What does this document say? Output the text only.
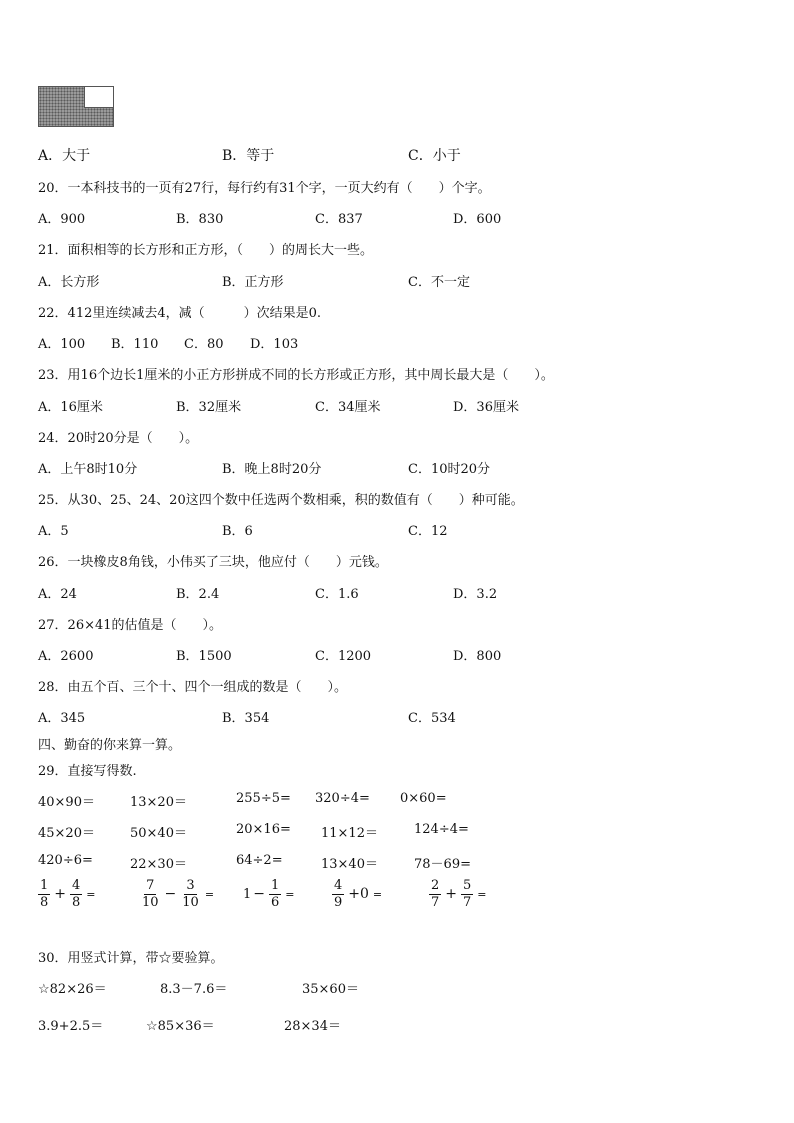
A．大于	B．等于	C．小于
20．一本科技书的一页有27行，每行约有31个字，一页大约有（　　）个字。
A．900	B．830	C．837	D．600
21．面积相等的长方形和正方形，（　　）的周长大一些。
A．长方形	B．正方形	C．不一定
22．412里连续减去4，减（　　　）次结果是0.
A．100 B．110 C．80 D．103
23．用16个边长1厘米的小正方形拼成不同的长方形或正方形，其中周长最大是（　　）。
A．16厘米	B．32厘米	C．34厘米	D．36厘米
24．20时20分是（　　）。
A．上午8时10分	B．晚上8时20分	C．10时20分
25．从30、25、24、20这四个数中任选两个数相乘，积的数值有（　　）种可能。
A．5	B．6	C．12
26．一块橡皮8角钱，小伟买了三块，他应付（　　）元钱。
A．24	B．2.4	C．1.6	D．3.2
27．26×41的估值是（　　）。
A．2600	B．1500	C．1200	D．800
28．由五个百、三个十、四个一组成的数是（　　）。
A．345	B．354	C．534
四、勤奋的你来算一算。
29．直接写得数.
40×90＝	13×20＝	255÷5= 320÷4= 0×60=
45×20＝	50×40＝	20×16= 11×12＝	124÷4=
420÷6=	22×30＝	64÷2=	13×40＝	78－69=
$\frac{1}{8} + \frac{4}{8}$ =	$\frac{7}{10} - \frac{3}{10} = 1 - \frac{1}{6}$ =	$\frac{4}{9} +0$ =	$\frac{2}{7} + \frac{5}{7}$ =
30．用竖式计算，带☆要验算。
☆82×26＝	8.3－7.6＝	35×60＝
3.9+2.5＝	☆85×36＝	28×34＝
